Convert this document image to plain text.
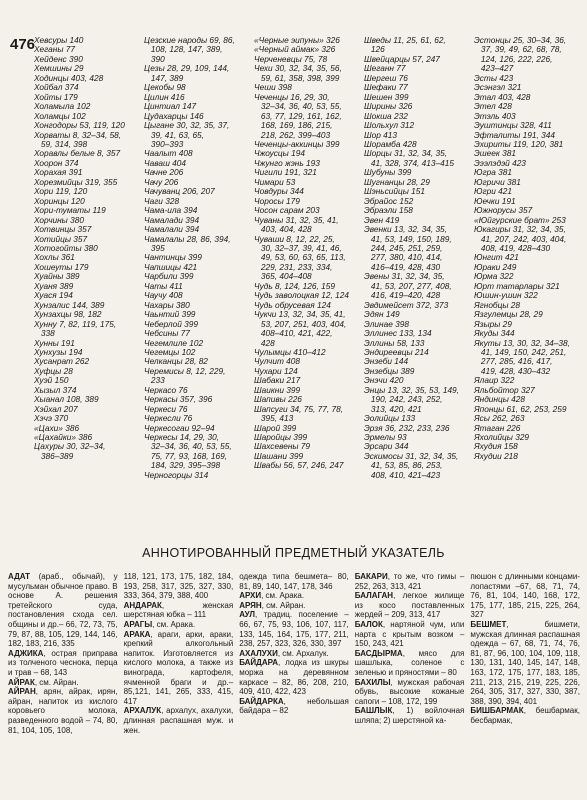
476
Хевсуры 140
Хеганы 77
Хейденс 390
Хемшины 29
Ходинцы 403, 428
Хойбал 374
Хойты 179
Холамыла 102
Холамцы 102
Хонгодоры 53, 119, 120
Хорваты 8, 32–34, 58,
59, 314, 398
Хоравлы белые 8, 357
Хоорон 374
Хорахая 391
Хорезмийцы 319, 355
Хори 119, 120
Хоринцы 120
Хори-туматы 119
Хорчины 380
Хотвинцы 357
Хотийцы 357
Хотогойты 380
Хохлы 361
Хошеуты 179
Хуайны 389
Хуаня 389
Хуася 194
Хунзалис 144, 389
Хунзахцы 98, 182
Хунну 7, 82, 119, 175,
338
Хунны 191
Хунхузы 194
Хусанрат 262
Хуфцы 28
Хуэй 150
Хызыл 374
Хыанал 108, 389
Хэйхал 207
Хэчэ 370
«Цахи» 386
«Цахайки» 386
Цахуры 30, 32–34,
386–389
Цезские народы 69, 86,
108, 128, 147, 389,
390
Цезы 28, 29, 109, 144,
147, 389
Цекобы 98
Цилин 416
Цинтиал 147
Цудахарцы 146
Цыгане 30, 32, 35, 37,
39, 41, 63, 65,
390–393
Чаалыт 408
Чаваш 404
Чачне 206
Чачу 206
Чачуванц 206, 207
Чаги 328
Чама-ила 394
Чамалади 394
Чамалали 394
Чамалалы 28, 86, 394,
395
Чантинцы 399
Чапшицы 421
Чарбили 399
Чаты 411
Чаучу 408
Чахары 380
Чаьнтий 399
Чеберлой 399
Чебсины 77
Чегемлиле 102
Чегемцы 102
Челканцы 28, 82
Черемисы 8, 12, 229,
233
Черкасо 76
Черкасы 357, 396
Черкеси 76
Черкесли 76
Черкесогаи 92–94
Черкесы 14, 29, 30,
32–34, 36, 40, 53, 55,
75, 77, 93, 168, 169,
184, 329, 395–398
Черногорцы 314
«Черные эипуны» 326
«Черный аймак» 326
Черченевцы 75, 78
Чехи 30, 32, 34, 35, 56,
59, 61, 358, 398, 399
Чеши 398
Чеченцы 16, 29, 30,
32–34, 36, 40, 53, 55,
63, 77, 129, 161, 162,
168, 169, 186, 215,
218, 262, 399–403
Чеченцы-аккинцы 399
Чжоусцы 194
Чжунго жэнь 193
Чигили 191, 321
Чимари 53
Човдуры 344
Чоросы 179
Чосон сарам 203
Чуваны 31, 32, 35, 41,
403, 404, 428
Чуваши 8, 12, 22, 25,
30, 32–37, 39, 41, 46,
49, 53, 60, 63, 65, 113,
229, 231, 233, 334,
365, 404–408
Чудь 8, 124, 126, 159
Чудь заволоцкая 12, 124
Чудь обрусевая 124
Чукчи 13, 32, 34, 35, 41,
53, 207, 251, 403, 404,
408–410, 421, 422,
428
Чулымцы 410–412
Чулчит 408
Чухари 124
Шабаки 217
Шаикни 399
Шапивы 226
Шапсуги 34, 75, 77, 78,
395, 413
Шарой 399
Шаройцы 399
Шахсевены 79
Шашани 399
Швабы 56, 57, 246, 247
Шведы 11, 25, 61, 62,
126
Швейцарцы 57, 247
Шеганн 77
Шергеш 76
Шефаки 77
Шешен 399
Ширины 326
Шокша 232
Шольхул 312
Шор 413
Шорамба 428
Шорцы 31, 32, 34, 35,
41, 328, 374, 413–415
Шубуны 399
Шугнанцы 28, 29
Шэньсийцы 151
Эбрайос 152
Эбраэли 158
Эвен 419
Эвенки 13, 32, 34, 35,
41, 53, 149, 150, 189,
244, 245, 251, 259,
277, 380, 410, 414,
416–419, 428, 430
Эвены 31, 32, 34, 35,
41, 53, 207, 277, 408,
416, 419–420, 428
Эвдимейсет 372, 373
Эдян 149
Элинае 398
Эллинес 133, 134
Эллины 58, 133
Эндиреевцы 214
Энзеби 144
Энзебцы 389
Энэчи 420
Энцы 13, 32, 35, 53, 149,
190, 242, 243, 252,
313, 420, 421
Эолийцы 133
Эрзя 36, 232, 233, 236
Эрмелы 93
Эрсари 344
Эскимосы 31, 32, 34, 35,
41, 53, 85, 86, 253,
408, 410, 421–423
Эстонцы 25, 30–34, 36,
37, 39, 49, 62, 68, 78,
124, 126, 222, 226,
423–427
Эсты 423
Эсэнгэл 321
Этал 403, 428
Этел 428
Этэль 403
Эуштинцы 328, 411
Эфталиты 191, 344
Эхириты 119, 120, 381
Эшеек 381
Эээлэдэй 423
Югра 381
Югричи 381
Югри 421
Юечки 191
Южнорусы 357
«Юйгурские брат» 253
Юкагиры 31, 32, 34, 35,
41, 207, 242, 403, 404,
408, 419, 428–430
Юнгит 421
Юраки 249
Юрма 322
Юрт татарлары 321
Юшин-ушин 322
Ягнобцы 28
Язгулемцы 28, 29
Языры 29
Якуды 344
Якуты 13, 30, 32, 34–38,
41, 149, 150, 242, 251,
277, 285, 416, 417,
419, 428, 430–432
Ялаир 322
Яльбойтор 327
Яндинцы 428
Японцы 61, 62, 253, 259
Ясы 262, 263
Ятаган 226
Яхолийцы 329
Яхудия 158
Яхудии 218
АННОТИРОВАННЫЙ ПРЕДМЕТНЫЙ УКАЗАТЕЛЬ

АДАТ (араб., обычай), у мусульман обычное право. В основе А. решения третейского суда, постановления схода сел. общины и др.– 66, 72, 73, 75, 79, 87, 88, 105, 129, 144, 146, 182, 183, 216, 335

АДЖИКА, острая приправа из толченого чеснока, перца и трав – 68, 143

АЙРАК, см. Айран.

АЙРАН, арян, айрак, ирян, айран, напиток из кислого коровьего молока, разведенного водой – 74, 80, 81, 104, 105, 108,

118, 121, 173, 175, 182, 184, 193, 258, 317, 325, 327, 330, 333, 364, 379, 388, 400

АНДАРАК, женская шерстяная юбка – 111

АРАГЫ, см. Арака.

АРАКА, араги, арки, араки, крепкий алкогольный напиток. Изготовляется из кислого молока, а также из винограда, картофеля, ячменной браги и др.– 85,121, 141, 265, 333, 415, 417

АРХАЛУК, архалух, ахалухи, длинная распашная муж. и жен.

одежда типа бешмета– 80, 81, 89, 140, 147, 178, 346

АРХИ, см. Арака.

АРЯН, см. Айран.

АУЛ, традиц. поселение – 66, 67, 75, 93, 106, 107, 117, 133, 145, 164, 175, 177, 211, 238, 257, 323, 326, 330, 397

АХАЛУХИ, см. Архалук.

БАЙДАРА, лодка из шкуры моржа на деревянном каркасе – 82, 86, 208, 210, 409, 410, 422, 423

БАЙДАРКА, небольшая байдара – 82

БАКАРИ, то же, что гимы – 252, 263, 313, 421

БАЛАГАН, легкое жилище из косо поставленных жердей – 209, 313, 417

БАЛОК, нартяной чум, или нарта с крытым возком – 150, 243, 421

БАСДЫРМА, мясо для шашлыка, соленое с зеленью и пряностями – 80

БАХИЛЫ, мужская рабочая обувь, высокие кожаные сапоги – 108, 172, 199

БАШЛЫК, 1) войлочная шляпа; 2) шерстяной ка-

пюшон с длинными концами-лопастями –67, 68, 71, 74, 76, 81, 104, 140, 168, 172, 175, 177, 185, 215, 225, 264, 327

БЕШМЕТ, бишмети, мужская длинная распашная одежда – 67, 68, 71, 74, 76, 81, 87, 96, 100, 104, 109, 118, 130, 131, 140, 145, 147, 148, 163, 172, 175, 177, 183, 185, 211, 213, 215, 219, 225, 226, 264, 305, 317, 327, 330, 387, 388, 390, 394, 401

БИШБАРМАК, бешбармак, бесбармак,
